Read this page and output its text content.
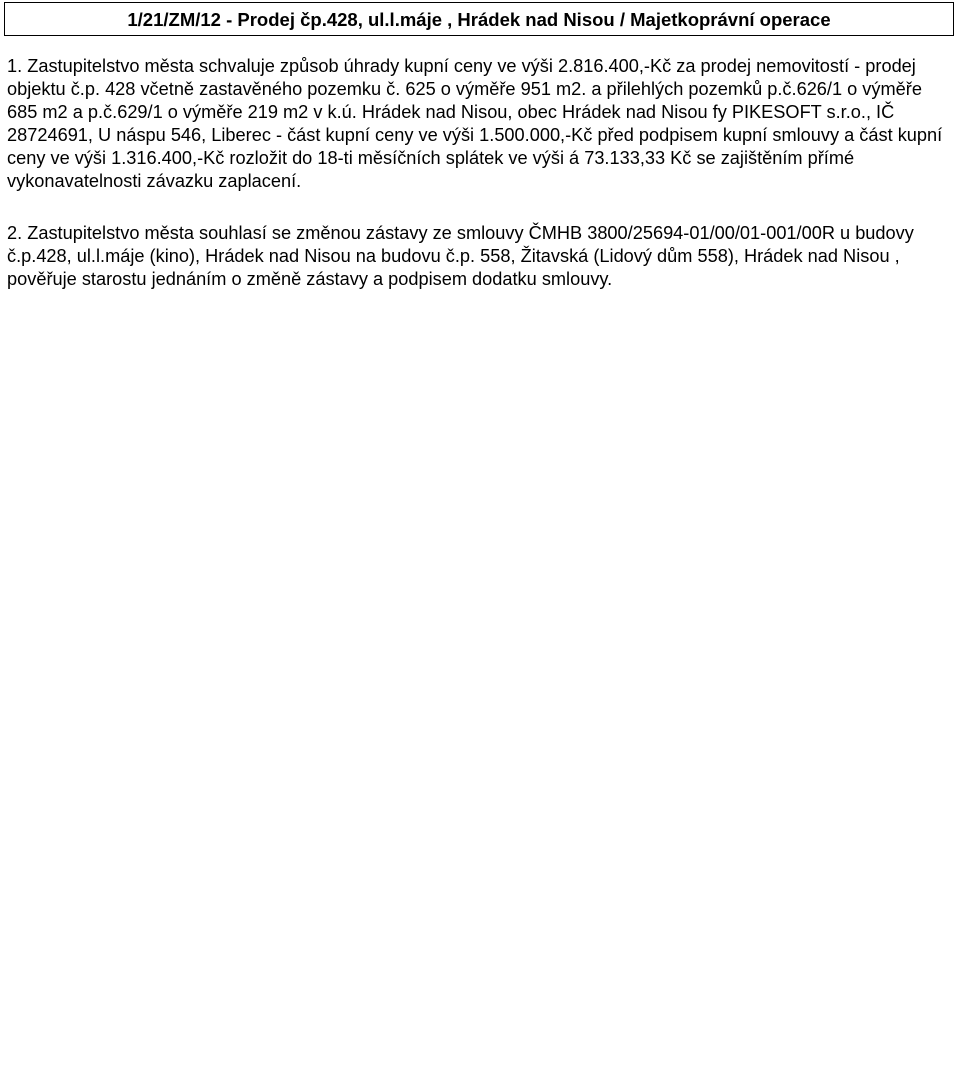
1/21/ZM/12 - Prodej čp.428, ul.l.máje , Hrádek nad Nisou / Majetkoprávní operace
1. Zastupitelstvo města schvaluje způsob úhrady kupní ceny ve výši 2.816.400,-Kč za prodej nemovitostí - prodej objektu č.p. 428 včetně zastavěného pozemku č. 625 o výměře 951 m2. a přilehlých pozemků p.č.626/1 o výměře 685 m2 a p.č.629/1 o výměře 219 m2 v k.ú. Hrádek nad Nisou, obec Hrádek nad Nisou fy PIKESOFT s.r.o., IČ 28724691, U náspu 546, Liberec - část kupní ceny ve výši 1.500.000,-Kč před podpisem kupní smlouvy a část kupní ceny ve výši 1.316.400,-Kč rozložit do 18-ti měsíčních splátek ve výši á 73.133,33 Kč se zajištěním přímé vykonavatelnosti závazku zaplacení.
2. Zastupitelstvo města souhlasí se změnou zástavy ze smlouvy ČMHB 3800/25694-01/00/01-001/00R u budovy č.p.428, ul.l.máje (kino), Hrádek nad Nisou na budovu č.p. 558, Žitavská (Lidový dům 558), Hrádek nad Nisou , pověřuje starostu jednáním o změně zástavy a podpisem dodatku smlouvy.
